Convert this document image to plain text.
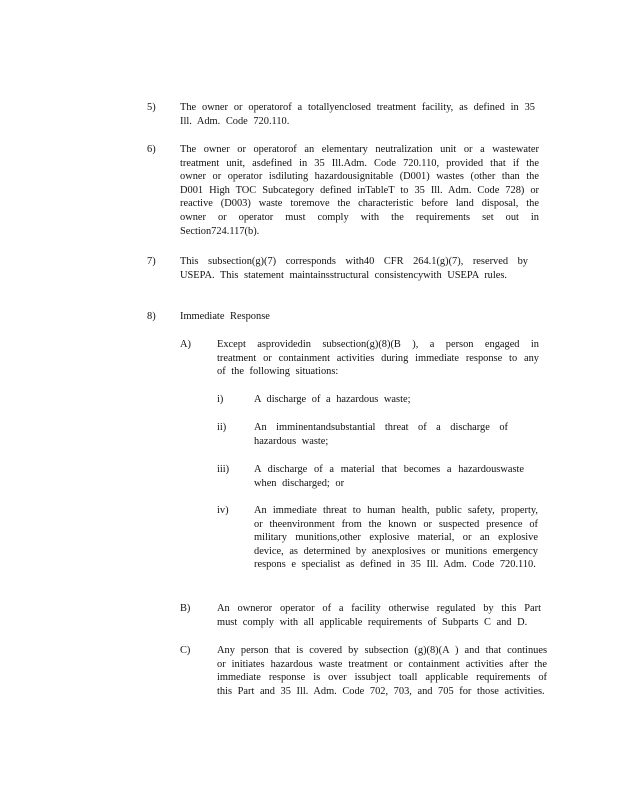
5) The owner or operatorof a totallyenclosed treatment facility, as defined in 35 Ill. Adm. Code 720.110.
6) The owner or operatorof an elementary neutralization unit or a wastewater treatment unit, asdefined in 35 Ill.Adm. Code 720.110, provided that if the owner or operator isdiluting hazardousignitable (D001) wastes (other than the D001 High TOC Subcategory defined inTableT to 35 Ill. Adm. Code 728) or reactive (D003) waste toremove the characteristic before land disposal, the owner or operator must comply with the requirements set out in Section724.117(b).
7) This subsection(g)(7) corresponds with40 CFR 264.1(g)(7), reserved by USEPA. This statement maintainsstructural consistencywith USEPA rules.
8) Immediate Response
A)	Except asprovidedin subsection(g)(8)(B ), a person engaged in treatment or containment activities during immediate response to any of the following situations:
i)	A discharge of a hazardous waste;
ii)	An imminentandsubstantial threat of a discharge of hazardous waste;
iii) A discharge of a material that becomes a hazardouswaste when discharged; or
iv) An immediate threat to human health, public safety, property, or theenvironment from the known or suspected presence of military munitions,other explosive material, or an explosive device, as determined by anexplosives or munitions emergency respons e specialist as defined in 35 Ill. Adm. Code 720.110.
B)	An owneror operator of a facility otherwise regulated by this Part must comply with all applicable requirements of Subparts C and D.
C)	Any person that is covered by subsection (g)(8)(A ) and that continues or initiates hazardous waste treatment or containment activities after the immediate response is over issubject toall applicable requirements of this Part and 35 Ill. Adm. Code 702, 703, and 705 for those activities.
